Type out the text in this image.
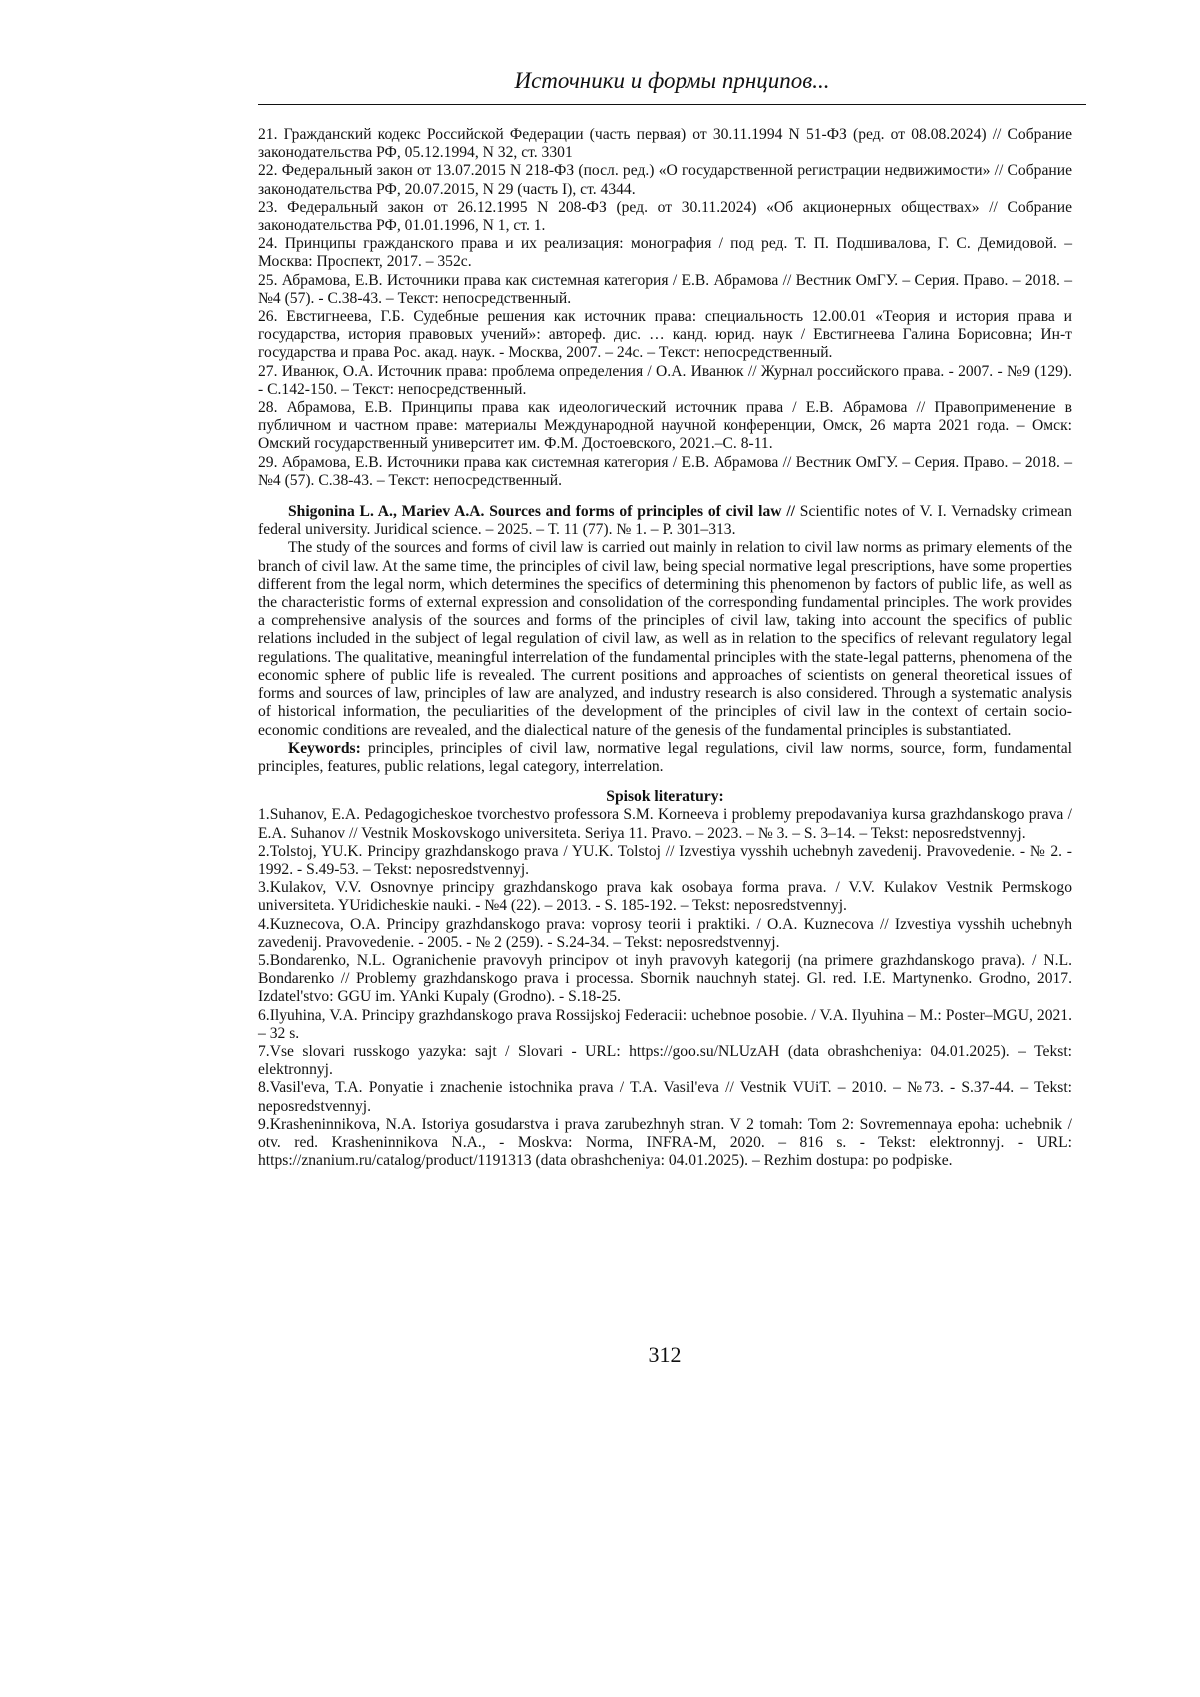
Источники и формы прнципов...

21. Гражданский кодекс Российской Федерации (часть первая) от 30.11.1994 N 51-ФЗ (ред. от 08.08.2024) // Собрание законодательства РФ, 05.12.1994, N 32, ст. 3301

22. Федеральный закон от 13.07.2015 N 218-ФЗ (посл. ред.) «О государственной регистрации недвижимости» // Собрание законодательства РФ, 20.07.2015, N 29 (часть I), ст. 4344.

23. Федеральный закон от 26.12.1995 N 208-ФЗ (ред. от 30.11.2024) «Об акционерных обществах» // Собрание законодательства РФ, 01.01.1996, N 1, ст. 1.

24. Принципы гражданского права и их реализация: монография / под ред. Т. П. Подшивалова, Г. С. Демидовой. – Москва: Проспект, 2017. – 352с.

25. Абрамова, Е.В. Источники права как системная категория / Е.В. Абрамова // Вестник ОмГУ. – Серия. Право. – 2018. – №4 (57). - С.38-43. – Текст: непосредственный.

26. Евстигнеева, Г.Б. Судебные решения как источник права: специальность 12.00.01 «Теория и история права и государства, история правовых учений»: автореф. дис. … канд. юрид. наук / Евстигнеева Галина Борисовна; Ин-т государства и права Рос. акад. наук. - Москва, 2007. – 24с. – Текст: непосредственный.

27. Иванюк, О.А. Источник права: проблема определения / О.А. Иванюк // Журнал российского права. - 2007. - №9 (129). - С.142-150. – Текст: непосредственный.

28. Абрамова, Е.В. Принципы права как идеологический источник права / Е.В. Абрамова // Правоприменение в публичном и частном праве: материалы Международной научной конференции, Омск, 26 марта 2021 года. – Омск: Омский государственный университет им. Ф.М. Достоевского, 2021.–С. 8-11.

29. Абрамова, Е.В. Источники права как системная категория / Е.В. Абрамова // Вестник ОмГУ. – Серия. Право. – 2018. – №4 (57). С.38-43. – Текст: непосредственный.

Shigonina L. A., Mariev A.A. Sources and forms of principles of civil law // Scientific notes of V. I. Vernadsky crimean federal university. Juridical science. – 2025. – Т. 11 (77). № 1. – Р. 301–313.

The study of the sources and forms of civil law is carried out mainly in relation to civil law norms as primary elements of the branch of civil law. At the same time, the principles of civil law, being special normative legal prescriptions, have some properties different from the legal norm, which determines the specifics of determining this phenomenon by factors of public life, as well as the characteristic forms of external expression and consolidation of the corresponding fundamental principles. The work provides a comprehensive analysis of the sources and forms of the principles of civil law, taking into account the specifics of public relations included in the subject of legal regulation of civil law, as well as in relation to the specifics of relevant regulatory legal regulations. The qualitative, meaningful interrelation of the fundamental principles with the state-legal patterns, phenomena of the economic sphere of public life is revealed. The current positions and approaches of scientists on general theoretical issues of forms and sources of law, principles of law are analyzed, and industry research is also considered. Through a systematic analysis of historical information, the peculiarities of the development of the principles of civil law in the context of certain socio-economic conditions are revealed, and the dialectical nature of the genesis of the fundamental principles is substantiated.

Keywords: principles, principles of civil law, normative legal regulations, civil law norms, source, form, fundamental principles, features, public relations, legal category, interrelation.

Spisok literatury:

1.Suhanov, E.A. Pedagogicheskoe tvorchestvo professora S.M. Korneeva i problemy prepodavaniya kursa grazhdanskogo prava / E.A. Suhanov // Vestnik Moskovskogo universiteta. Seriya 11. Pravo. – 2023. – № 3. – S. 3–14. – Tekst: neposredstvennyj.

2.Tolstoj, YU.K. Principy grazhdanskogo prava / YU.K. Tolstoj // Izvestiya vysshih uchebnyh zavedenij. Pravovedenie. - № 2. - 1992. - S.49-53. – Tekst: neposredstvennyj.

3.Kulakov, V.V. Osnovnye principy grazhdanskogo prava kak osobaya forma prava. / V.V. Kulakov Vestnik Permskogo universiteta. YUridicheskie nauki. - №4 (22). – 2013. - S. 185-192. – Tekst: neposredstvennyj.

4.Kuznecova, O.A. Principy grazhdanskogo prava: voprosy teorii i praktiki. / O.A. Kuznecova // Izvestiya vysshih uchebnyh zavedenij. Pravovedenie. - 2005. - № 2 (259). - S.24-34. – Tekst: neposredstvennyj.

5.Bondarenko, N.L. Ogranichenie pravovyh principov ot inyh pravovyh kategorij (na primere grazhdanskogo prava). / N.L. Bondarenko // Problemy grazhdanskogo prava i processa. Sbornik nauchnyh statej. Gl. red. I.E. Martynenko. Grodno, 2017. Izdatel'stvo: GGU im. YAnki Kupaly (Grodno). - S.18-25.

6.Ilyuhina, V.A. Principy grazhdanskogo prava Rossijskoj Federacii: uchebnoe posobie. / V.A. Ilyuhina – M.: Poster–MGU, 2021. – 32 s.

7.Vse slovari russkogo yazyka: sajt / Slovari - URL: https://goo.su/NLUzAH (data obrashcheniya: 04.01.2025). – Tekst: elektronnyj.

8.Vasil'eva, T.A. Ponyatie i znachenie istochnika prava / T.A. Vasil'eva // Vestnik VUiT. – 2010. – №73. - S.37-44. – Tekst: neposredstvennyj.

9.Krasheninnikova, N.A. Istoriya gosudarstva i prava zarubezhnyh stran. V 2 tomah: Tom 2: Sovremennaya epoha: uchebnik / otv. red. Krasheninnikova N.A., - Moskva: Norma, INFRA-M, 2020. – 816 s. - Tekst: elektronnyj. - URL: https://znanium.ru/catalog/product/1191313 (data obrashcheniya: 04.01.2025). – Rezhim dostupa: po podpiske.

312
